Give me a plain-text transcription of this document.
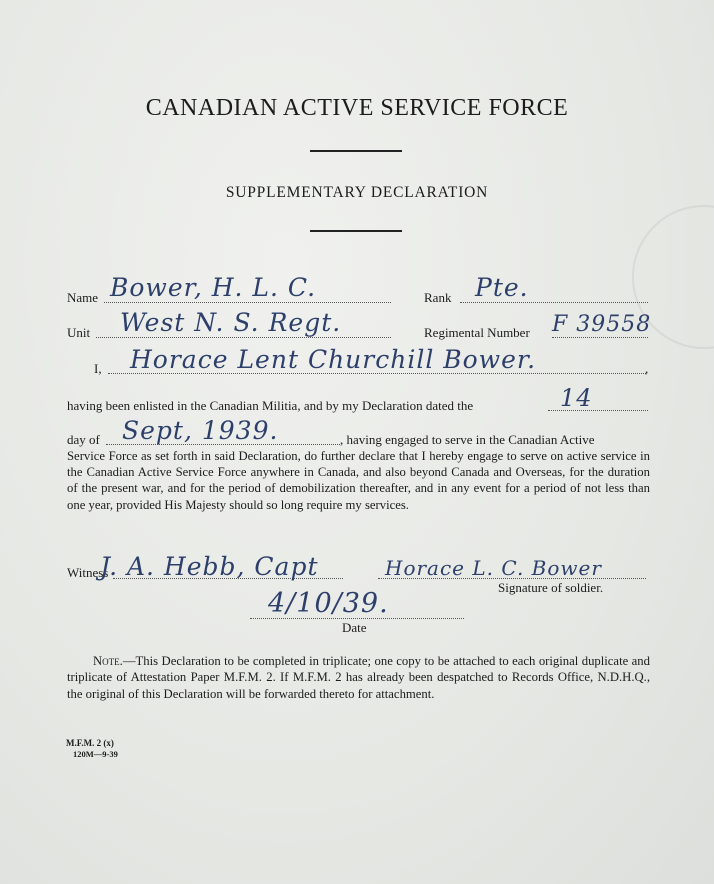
CANADIAN ACTIVE SERVICE FORCE
SUPPLEMENTARY DECLARATION
Name Bower, H. L. C.	Rank Pte.
Unit West N. S. Regt.	Regimental Number F 39558
I,	,
Horace Lent Churchill Bower.
having been enlisted in the Canadian Militia, and by my Declaration dated the	14
day of Sept, 1939.	, having engaged to serve in the Canadian Active
Service Force as set forth in said Declaration, do further declare that I hereby engage to serve on active service in the Canadian Active Service Force anywhere in Canada, and also beyond Canada and Overseas, for the duration of the present war, and for the period of demobilization thereafter, and in any event for a period of not less than one year, provided His Majesty should so long require my services.
Witness
J. A. Hebb, Capt	Horace L. C. Bower
Signature of soldier.
4/10/39.
Date
Note.—This Declaration to be completed in triplicate; one copy to be attached to each original duplicate and triplicate of Attestation Paper M.F.M. 2. If M.F.M. 2 has already been despatched to Records Office, N.D.H.Q., the original of this Declaration will be forwarded thereto for attachment.
M.F.M. 2 (x)
120M—9-39
